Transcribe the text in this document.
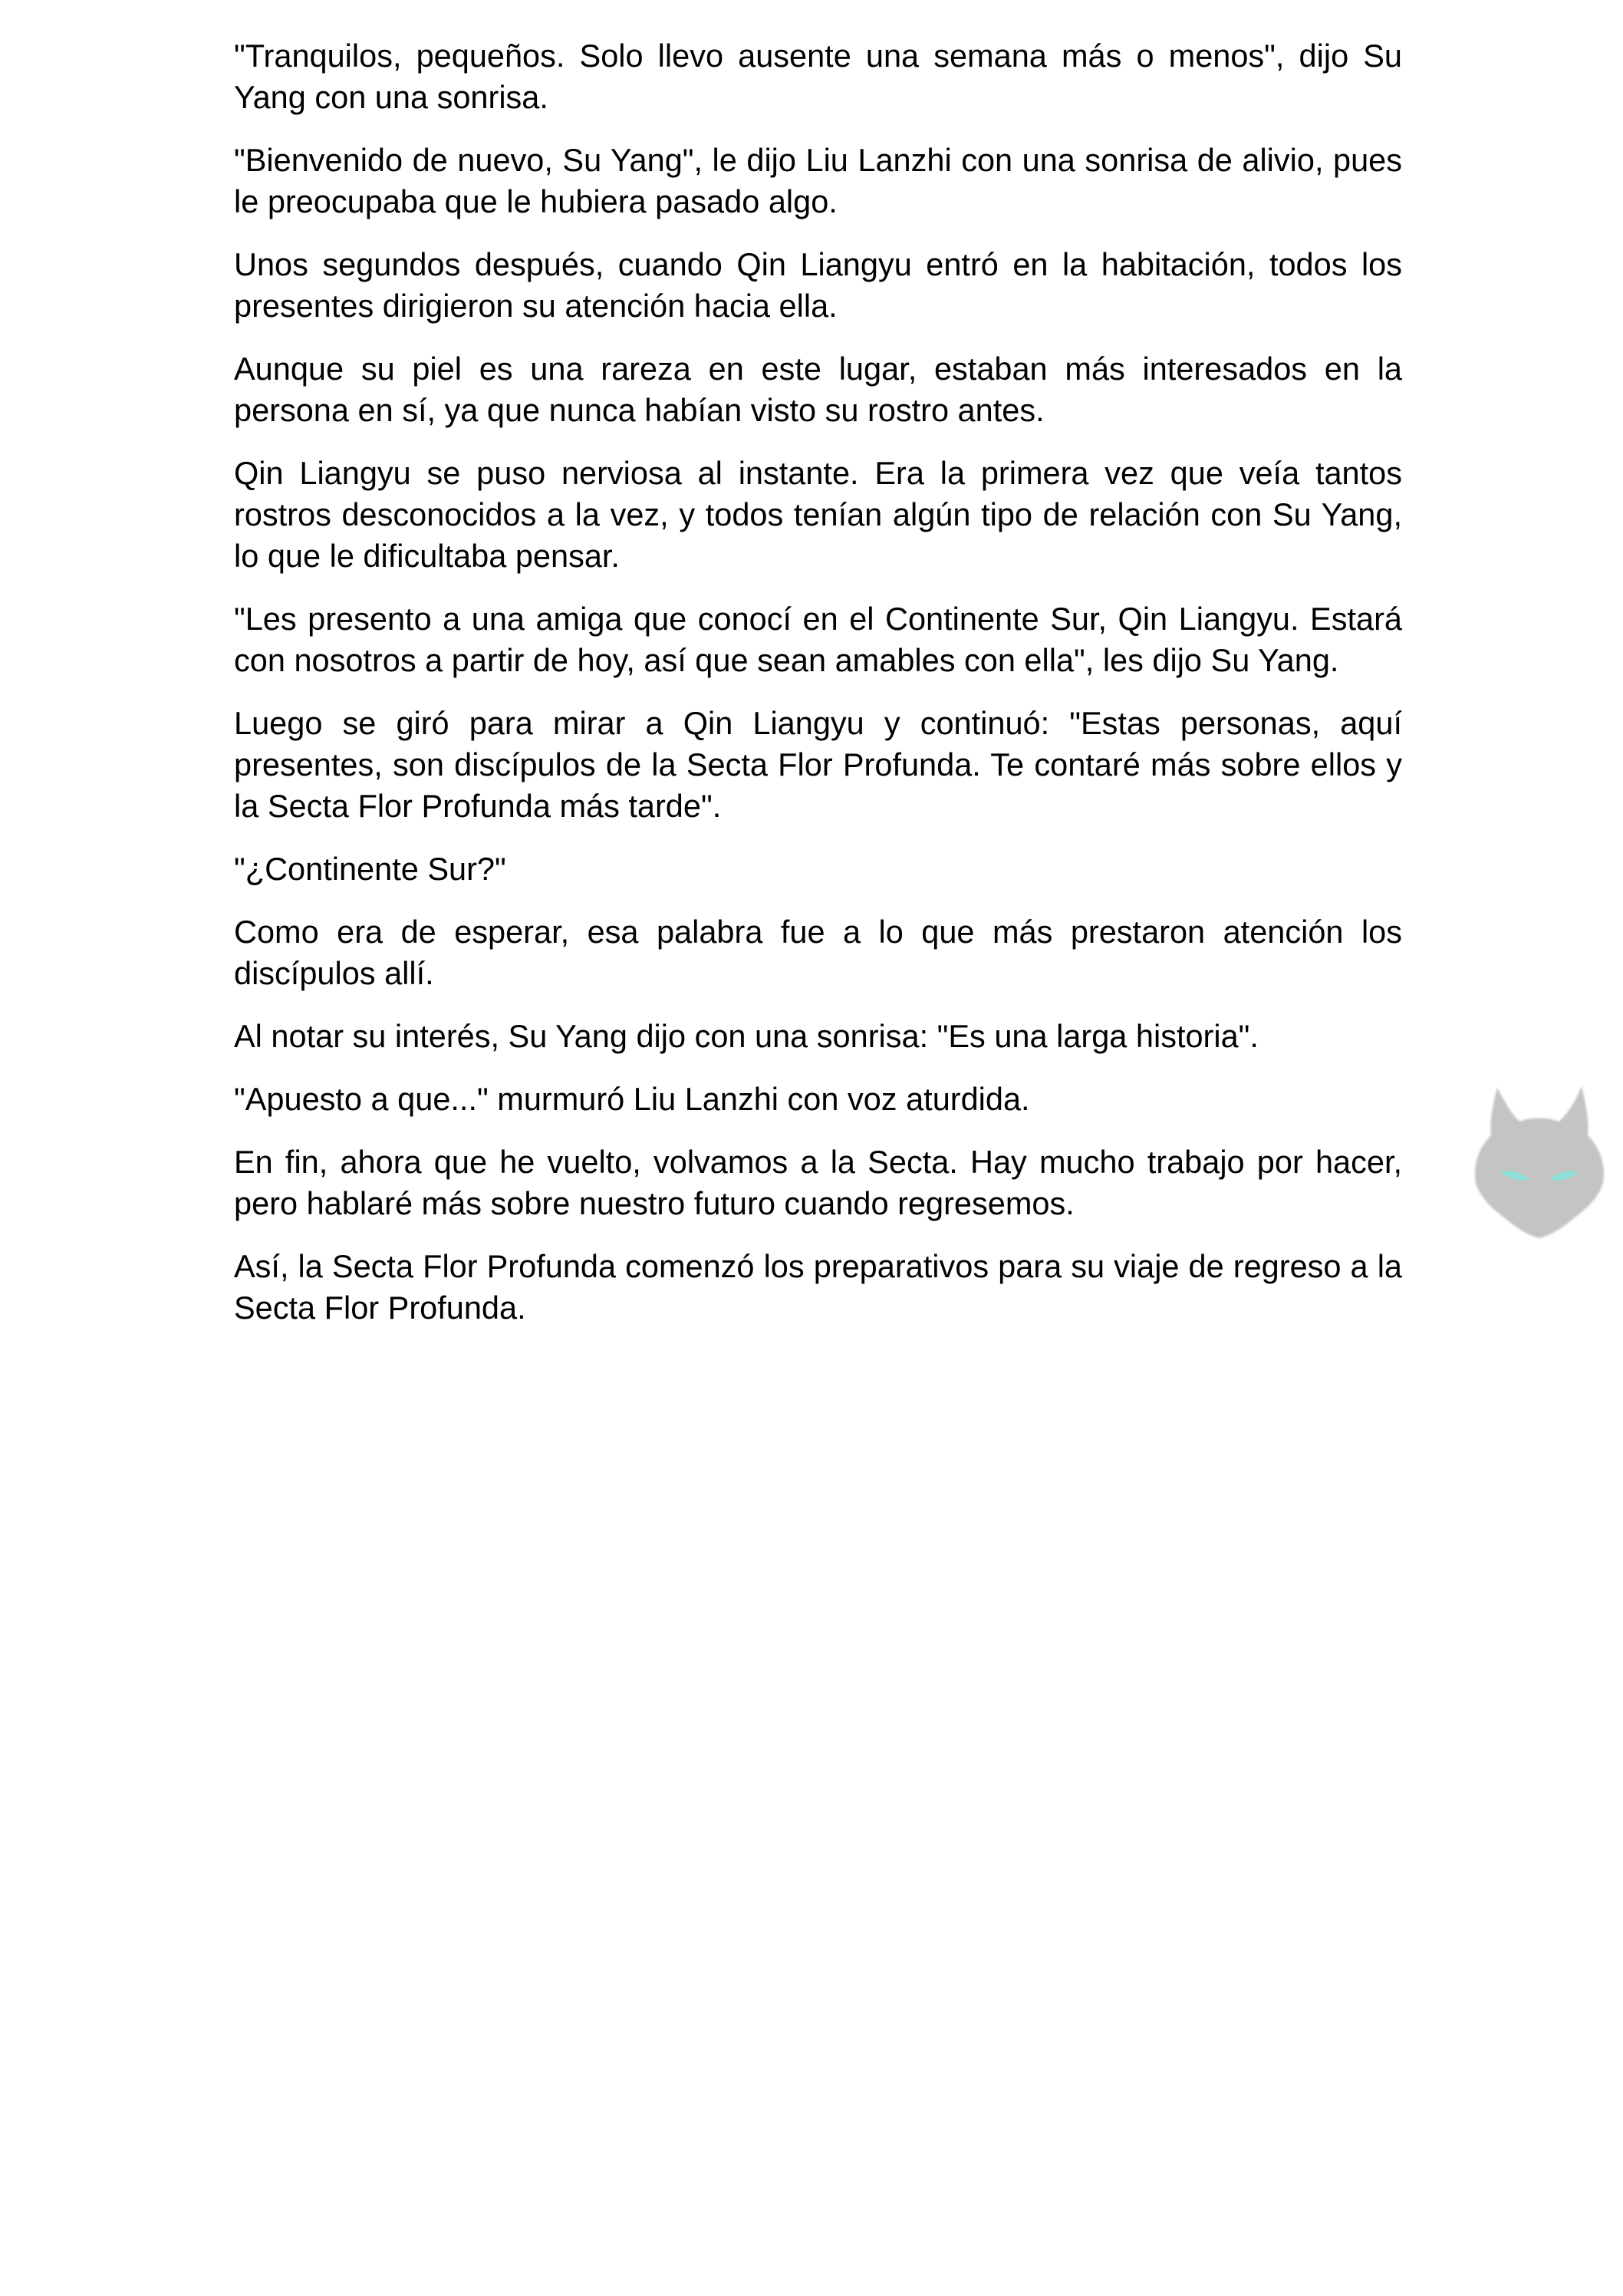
"Tranquilos, pequeños. Solo llevo ausente una semana más o menos", dijo Su Yang con una sonrisa.

"Bienvenido de nuevo, Su Yang", le dijo Liu Lanzhi con una sonrisa de alivio, pues le preocupaba que le hubiera pasado algo.

Unos segundos después, cuando Qin Liangyu entró en la habitación, todos los presentes dirigieron su atención hacia ella.

Aunque su piel es una rareza en este lugar, estaban más interesados en la persona en sí, ya que nunca habían visto su rostro antes.

Qin Liangyu se puso nerviosa al instante. Era la primera vez que veía tantos rostros desconocidos a la vez, y todos tenían algún tipo de relación con Su Yang, lo que le dificultaba pensar.

"Les presento a una amiga que conocí en el Continente Sur, Qin Liangyu. Estará con nosotros a partir de hoy, así que sean amables con ella", les dijo Su Yang.

Luego se giró para mirar a Qin Liangyu y continuó: "Estas personas, aquí presentes, son discípulos de la Secta Flor Profunda. Te contaré más sobre ellos y la Secta Flor Profunda más tarde".

"¿Continente Sur?"

Como era de esperar, esa palabra fue a lo que más prestaron atención los discípulos allí.

Al notar su interés, Su Yang dijo con una sonrisa: "Es una larga historia".

"Apuesto a que..." murmuró Liu Lanzhi con voz aturdida.

En fin, ahora que he vuelto, volvamos a la Secta. Hay mucho trabajo por hacer, pero hablaré más sobre nuestro futuro cuando regresemos.

Así, la Secta Flor Profunda comenzó los preparativos para su viaje de regreso a la Secta Flor Profunda.
